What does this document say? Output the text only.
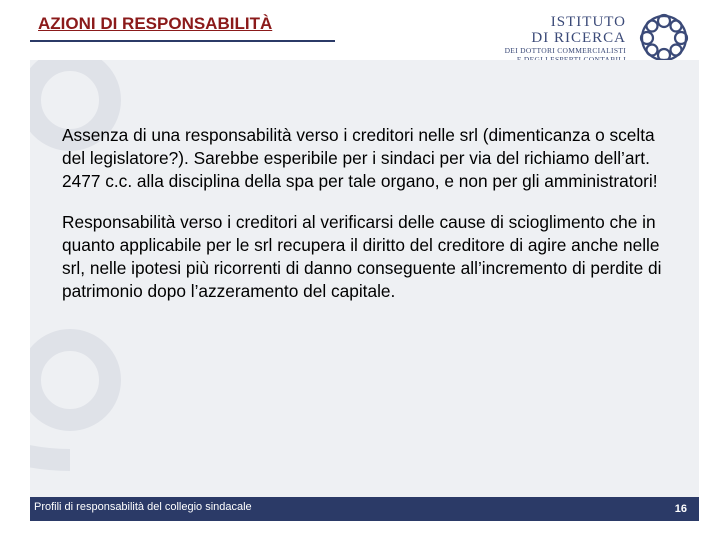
AZIONI DI RESPONSABILITÀ	ISTITUTO
DI RICERCA
DEI DOTTORI COMMERCIALISTI

Assenza di una responsabilità verso i creditori nelle srl (dimenticanza o scelta del legislatore?). Sarebbe esperibile per i sindaci per via del richiamo dell’art. 2477 c.c. alla disciplina della spa per tale organo, e non per gli amministratori!

Responsabilità verso i creditori al verificarsi delle cause di scioglimento che in quanto applicabile per le srl recupera il diritto del creditore di agire anche nelle srl, nelle ipotesi più ricorrenti di danno conseguente all’incremento di perdite di patrimonio dopo l’azzeramento del capitale.

Profili di responsabilità del collegio sindacale	16
